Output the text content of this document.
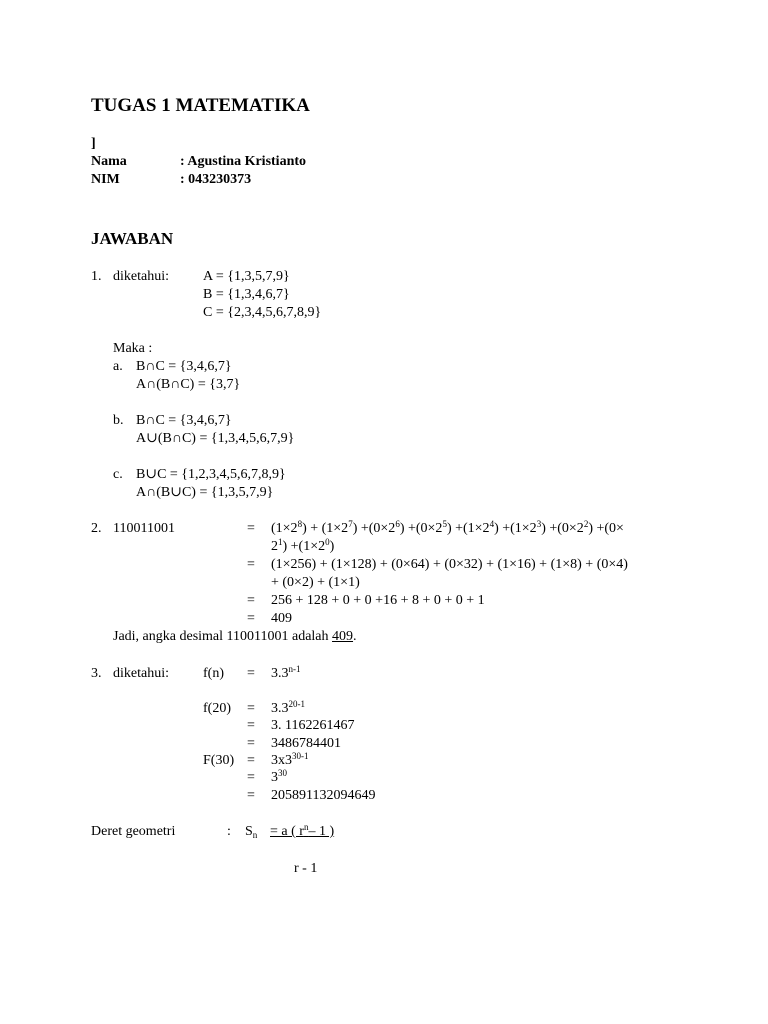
TUGAS 1 MATEMATIKA
]
Nama	: Agustina Kristianto
NIM	: 043230373
JAWABAN
1. diketahui: A = {1,3,5,7,9}
B = {1,3,4,6,7}
C = {2,3,4,5,6,7,8,9}
Maka :
a. B∩C = {3,4,6,7}
A∩(B∩C) = {3,7}
b. B∩C = {3,4,6,7}
A∪(B∩C) = {1,3,4,5,6,7,9}
c. B∪C = {1,2,3,4,5,6,7,8,9}
A∩(B∪C) = {1,3,5,7,9}
2. 110011001	= $(1\times 2^8) + (1\times 2^7) +(0\times 2^6) +(0\times 2^5) +(1\times 2^4) +(1\times 2^3) +(0\times 2^2) +(0\times$
$2^1) +(1\times 2^0)$
= (1×256) + (1×128) + (0×64) + (0×32) + (1×16) + (1×8) + (0×4)
+ (0×2) + (1×1)
= 256 + 128 + 0 + 0 +16 + 8 + 0 + 0 + 1
= 409
Jadi, angka desimal 110011001 adalah 409.
3. diketahui: $f(n) = 3.3^{n-1}$
$f(20) = 3.3^{20-1}$
= 3. 1162261467
= 3486784401
$F(30) = 3x3^{30-1}$
= $3^{30}$
= 205891132094649
Deret geometri	: $S_n = a$ ( $r^n-$ 1 )
r - 1
